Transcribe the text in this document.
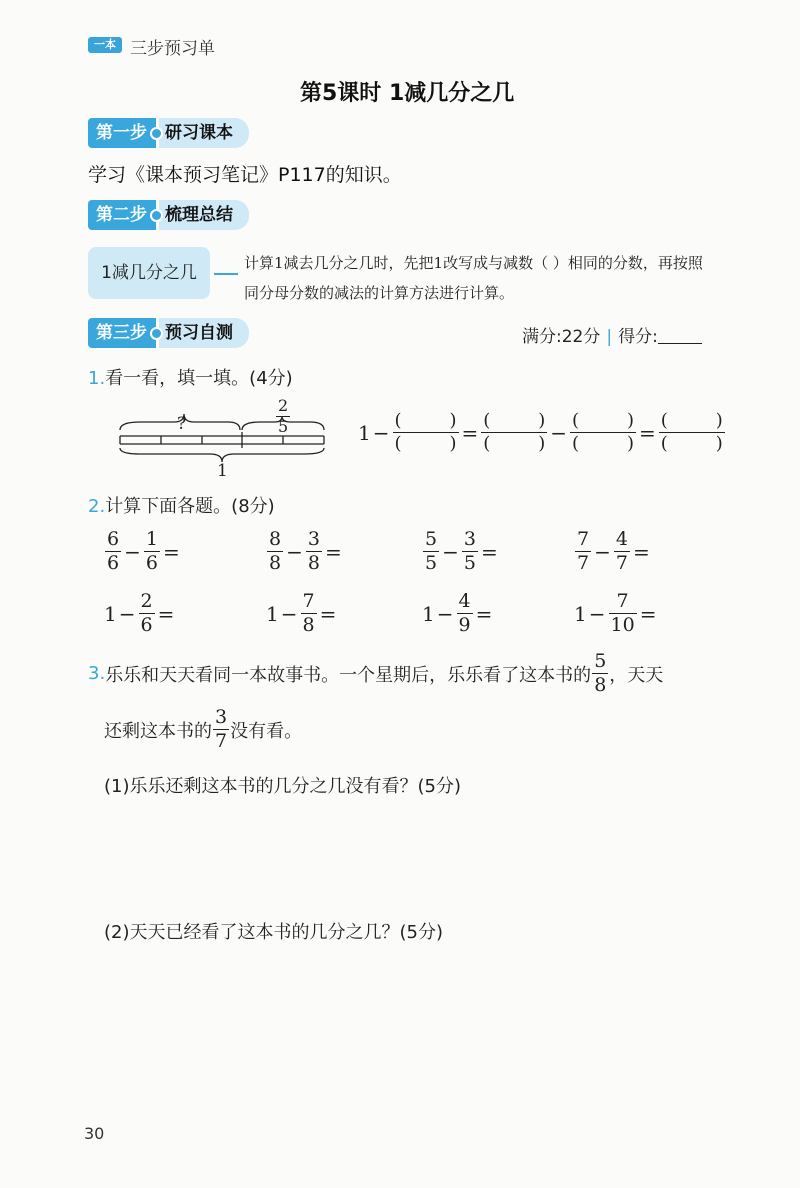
一本 三步预习单
第5课时 1减几分之几
第一步	研习课本
学习《课本预习笔记》P117的知识。
第二步	梳理总结
1减几分之几	计算1减去几分之几时，先把1改写成与减数（ ）相同的分数，再按照同分母分数的减法的计算方法进行计算。
第三步	预习自测	满分:22分 | 得分:
1.看一看，填一填。(4分)
?	$\frac{2}{5}$
1
1 − (	)
(	) = (	)
(	) − (	)
(	) = (	)
(	)
2.计算下面各题。(8分)
$\frac{6}{6} - \frac{1}{6}$ =	$\frac{8}{8} - \frac{3}{8}$ =	$\frac{5}{5} - \frac{3}{5}$ =	$\frac{7}{7} - \frac{4}{7}$ =
$1 - \frac{2}{6}$ =	$1 - \frac{7}{8}$ =	$1 - \frac{4}{9}$ =	$1 - \frac{7}{10}$ =
3. 乐乐和天天看同一本故事书。一个星期后，乐乐看了这本书的 $\frac{5}{8}$ ，天天
还剩这本书的 $\frac{3}{7}$ 没有看。
(1)乐乐还剩这本书的几分之几没有看？(5分)
(2)天天已经看了这本书的几分之几？(5分)
30
